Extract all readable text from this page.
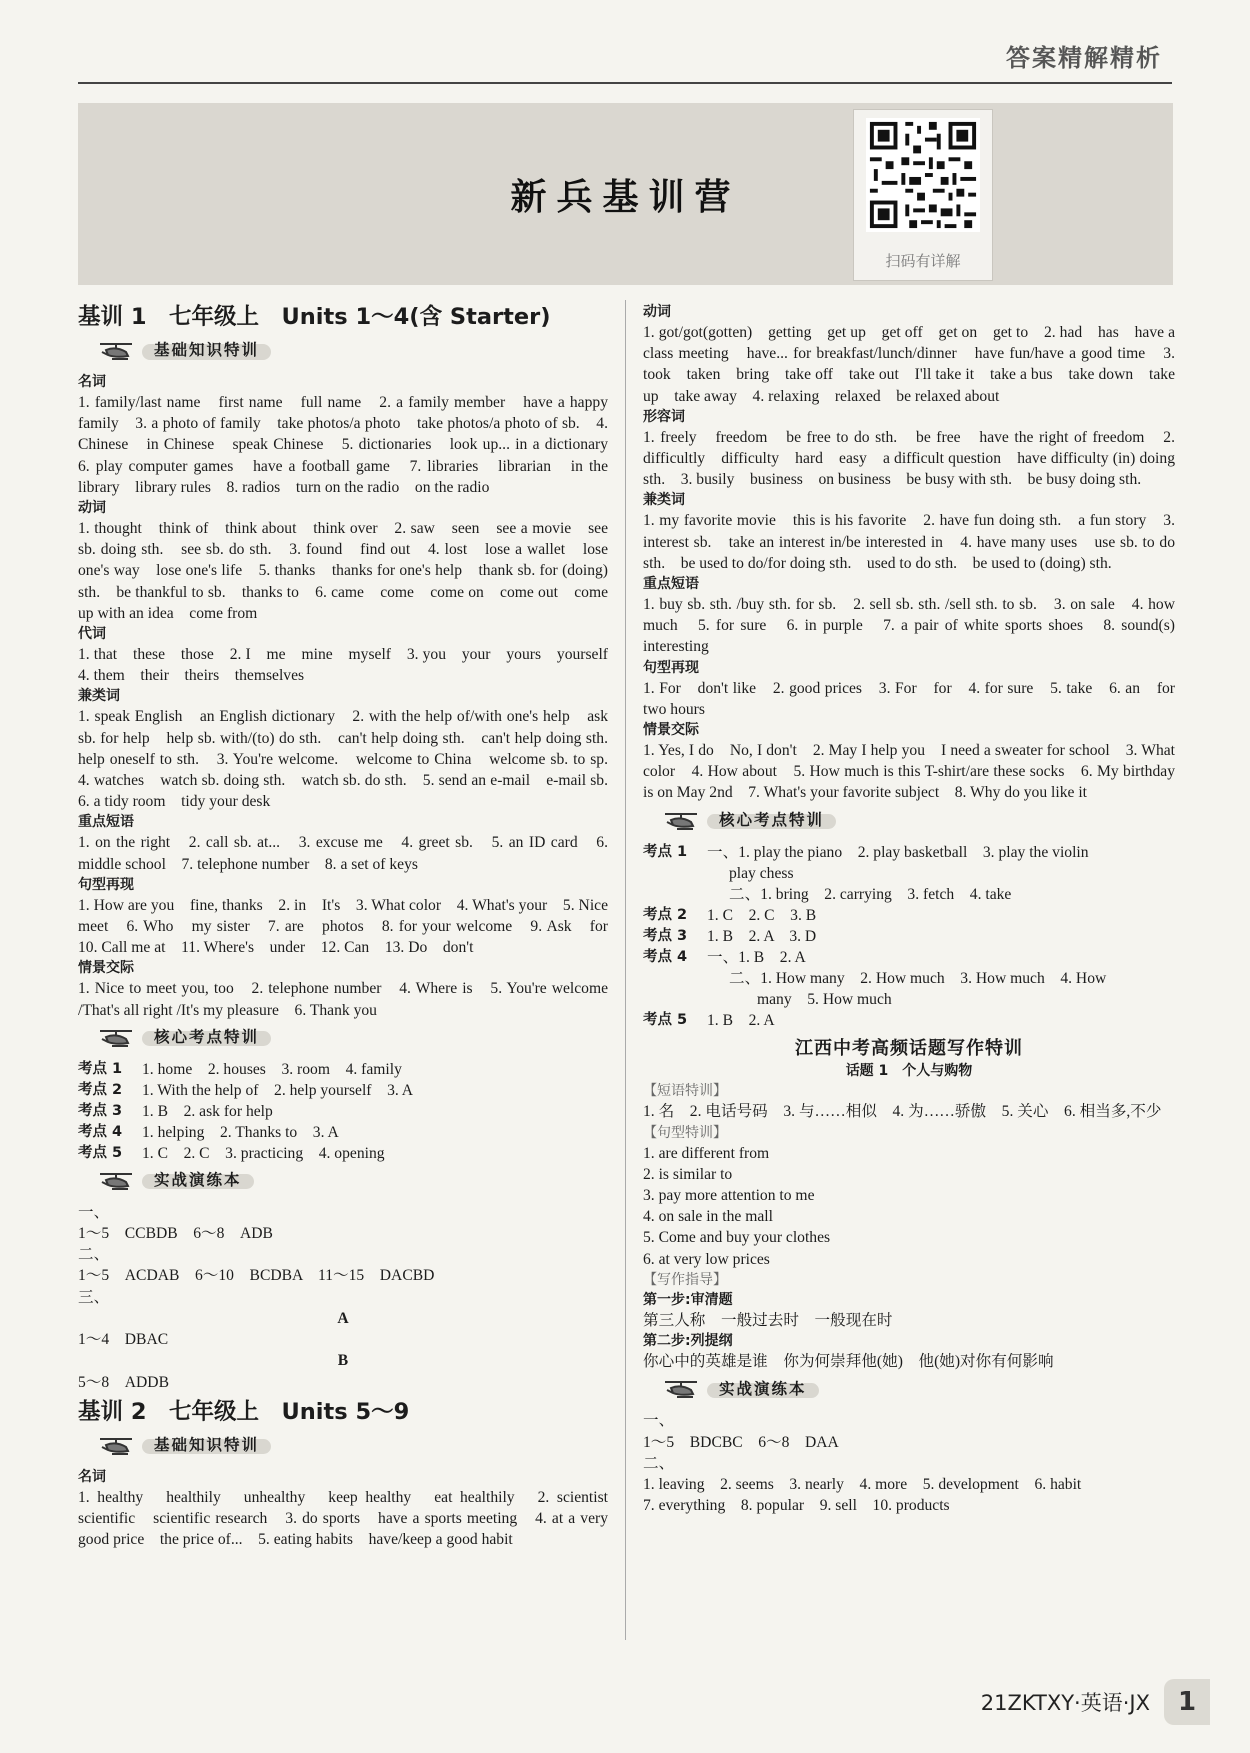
答案精解精析
新兵基训营
扫码有详解
基训 1　七年级上　Units 1～4(含 Starter)
基础知识特训
名词

1. family/last name　first name　full name　2. a family member　have a happy family　3. a photo of family　take photos/a photo　take photos/a photo of sb.　4. Chinese　in Chinese　speak Chinese　5. dictionaries　look up... in a dictionary　6. play computer games　have a football game　7. libraries　librarian　in the library　library rules　8. radios　turn on the radio　on the radio

动词

1. thought　think of　think about　think over　2. saw　seen　see a movie　see sb. doing sth.　see sb. do sth.　3. found　find out　4. lost　lose a wallet　lose one's way　lose one's life　5. thanks　thanks for one's help　thank sb. for (doing) sth.　be thankful to sb.　thanks to　6. came　come　come on　come out　come up with an idea　come from

代词

1. that　these　those　2. I　me　mine　myself　3. you　your　yours　yourself　4. them　their　theirs　themselves

兼类词

1. speak English　an English dictionary　2. with the help of/with one's help　ask sb. for help　help sb. with/(to) do sth.　can't help doing sth.　can't help doing sth.　help oneself to sth.　3. You're welcome.　welcome to China　welcome sb. to sp.　4. watches　watch sb. doing sth.　watch sb. do sth.　5. send an e-mail　e-mail sb.　6. a tidy room　tidy your desk

重点短语

1. on the right　2. call sb. at...　3. excuse me　4. greet sb.　5. an ID card　6. middle school　7. telephone number　8. a set of keys

句型再现

1. How are you　fine, thanks　2. in　It's　3. What color　4. What's your　5. Nice　meet　6. Who　my sister　7. are　photos　8. for your welcome　9. Ask　for　10. Call me at　11. Where's　under　12. Can　13. Do　don't

情景交际

1. Nice to meet you, too　2. telephone number　4. Where is　5. You're welcome /That's all right /It's my pleasure　6. Thank you

核心考点特训
考点 1	1. home　2. houses　3. room　4. family
考点 2	1. With the help of　2. help yourself　3. A
考点 3	1. B　2. ask for help
考点 4	1. helping　2. Thanks to　3. A
考点 5	1. C　2. C　3. practicing　4. opening
实战演练本
一、
1～5　CCBDB　6～8　ADB
二、
1～5　ACDAB　6～10　BCDBA　11～15　DACBD
三、
A
1～4　DBAC
B
5～8　ADDB
基训 2　七年级上　Units 5～9
基础知识特训
名词

1. healthy　healthily　unhealthy　keep healthy　eat healthily　2. scientist　scientific　scientific research　3. do sports　have a sports meeting　4. at a very good price　the price of...　5. eating habits　have/keep a good habit

动词

1. got/got(gotten)　getting　get up　get off　get on　get to　2. had　has　have a class meeting　have... for breakfast/lunch/dinner　have fun/have a good time　3. took　taken　bring　take off　take out　I'll take it　take a bus　take down　take up　take away　4. relaxing　relaxed　be relaxed about

形容词

1. freely　freedom　be free to do sth.　be free　have the right of freedom　2. difficultly　difficulty　hard　easy　a difficult question　have difficulty (in) doing sth.　3. busily　business　on business　be busy with sth.　be busy doing sth.

兼类词

1. my favorite movie　this is his favorite　2. have fun doing sth.　a fun story　3. interest sb.　take an interest in/be interested in　4. have many uses　use sb. to do sth.　be used to do/for doing sth.　used to do sth.　be used to (doing) sth.

重点短语

1. buy sb. sth. /buy sth. for sb.　2. sell sb. sth. /sell sth. to sb.　3. on sale　4. how much　5. for sure　6. in purple　7. a pair of white sports shoes　8. sound(s) interesting

句型再现

1. For　don't like　2. good prices　3. For　for　4. for sure　5. take　6. an　for two hours

情景交际

1. Yes, I do　No, I don't　2. May I help you　I need a sweater for school　3. What color　4. How about　5. How much is this T-shirt/are these socks　6. My birthday is on May 2nd　7. What's your favorite subject　8. Why do you like it

核心考点特训
考点 1	一、1. play the piano　2. play basketball　3. play the violin
play chess
二、1. bring　2. carrying　3. fetch　4. take
考点 2	1. C　2. C　3. B
考点 3	1. B　2. A　3. D
考点 4	一、1. B　2. A
二、1. How many　2. How much　3. How much　4. How
many　5. How much
考点 5	1. B　2. A
江西中考高频话题写作特训
话题 1　个人与购物
【短语特训】

1. 名　2. 电话号码　3. 与……相似　4. 为……骄傲　5. 关心　6. 相当多,不少

【句型特训】
1. are different from
2. is similar to
3. pay more attention to me
4. on sale in the mall
5. Come and buy your clothes
6. at very low prices
【写作指导】
第一步:审清题
第三人称　一般过去时　一般现在时
第二步:列提纲
你心中的英雄是谁　你为何崇拜他(她)　他(她)对你有何影响
实战演练本
一、
1～5　BDCBC　6～8　DAA
二、
1. leaving　2. seems　3. nearly　4. more　5. development　6. habit
7. everything　8. popular　9. sell　10. products
21ZKTXY·英语·JX	1
